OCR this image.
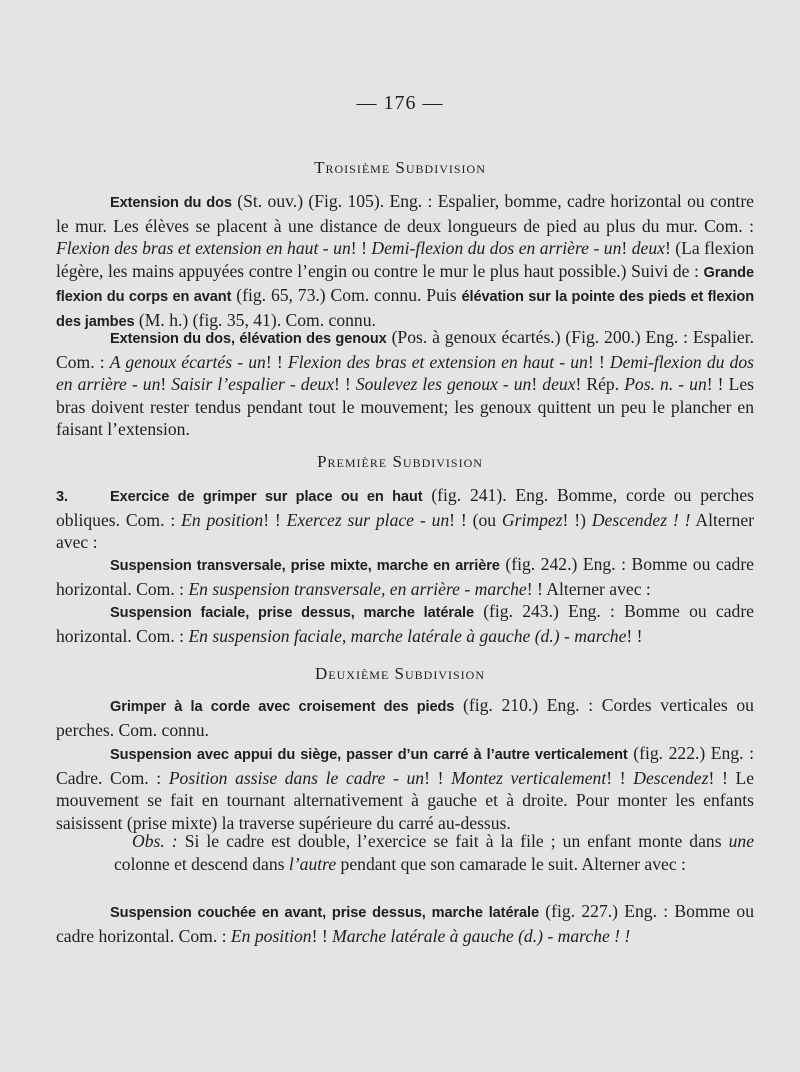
— 176 —
Troisième Subdivision

Extension du dos (St. ouv.) (Fig. 105). Eng. : Espalier, bomme, cadre horizontal ou contre le mur. Les élèves se placent à une distance de deux longueurs de pied au plus du mur. Com. : Flexion des bras et extension en haut - un! ! Demi-flexion du dos en arrière - un! deux! (La flexion légère, les mains appuyées contre l’engin ou contre le mur le plus haut possible.) Suivi de : Grande flexion du corps en avant (fig. 65, 73.) Com. connu. Puis élévation sur la pointe des pieds et flexion des jambes (M. h.) (fig. 35, 41). Com. connu.

Extension du dos, élévation des genoux (Pos. à genoux écartés.) (Fig. 200.) Eng. : Espalier. Com. : A genoux écartés - un! ! Flexion des bras et extension en haut - un! ! Demi-flexion du dos en arrière - un! Saisir l’espalier - deux! ! Soulevez les genoux - un! deux! Rép. Pos. n. - un! ! Les bras doivent rester tendus pendant tout le mouvement; les genoux quittent un peu le plancher en faisant l’extension.

Première Subdivision

3.	Exercice de grimper sur place ou en haut (fig. 241). Eng. Bomme, corde ou perches obliques. Com. : En position! ! Exercez sur place - un! ! (ou Grimpez! !) Descendez ! ! Alterner avec :

Suspension transversale, prise mixte, marche en arrière (fig. 242.) Eng. : Bomme ou cadre horizontal. Com. : En suspension transversale, en arrière - marche! ! Alterner avec :

Suspension faciale, prise dessus, marche latérale (fig. 243.) Eng. : Bomme ou cadre horizontal. Com. : En suspension faciale, marche latérale à gauche (d.) - marche! !

Deuxième Subdivision

Grimper à la corde avec croisement des pieds (fig. 210.) Eng. : Cordes verticales ou perches. Com. connu.

Suspension avec appui du siège, passer d’un carré à l’autre verticalement (fig. 222.) Eng. : Cadre. Com. : Position assise dans le cadre - un! ! Montez verticalement! ! Descendez! ! Le mouvement se fait en tournant alternativement à gauche et à droite. Pour monter les enfants saisissent (prise mixte) la traverse supérieure du carré au-dessus.

Obs. : Si le cadre est double, l’exercice se fait à la file ; un enfant monte dans une colonne et descend dans l’autre pendant que son camarade le suit. Alterner avec :

Suspension couchée en avant, prise dessus, marche latérale (fig. 227.) Eng. : Bomme ou cadre horizontal. Com. : En position! ! Marche latérale à gauche (d.) - marche ! !
